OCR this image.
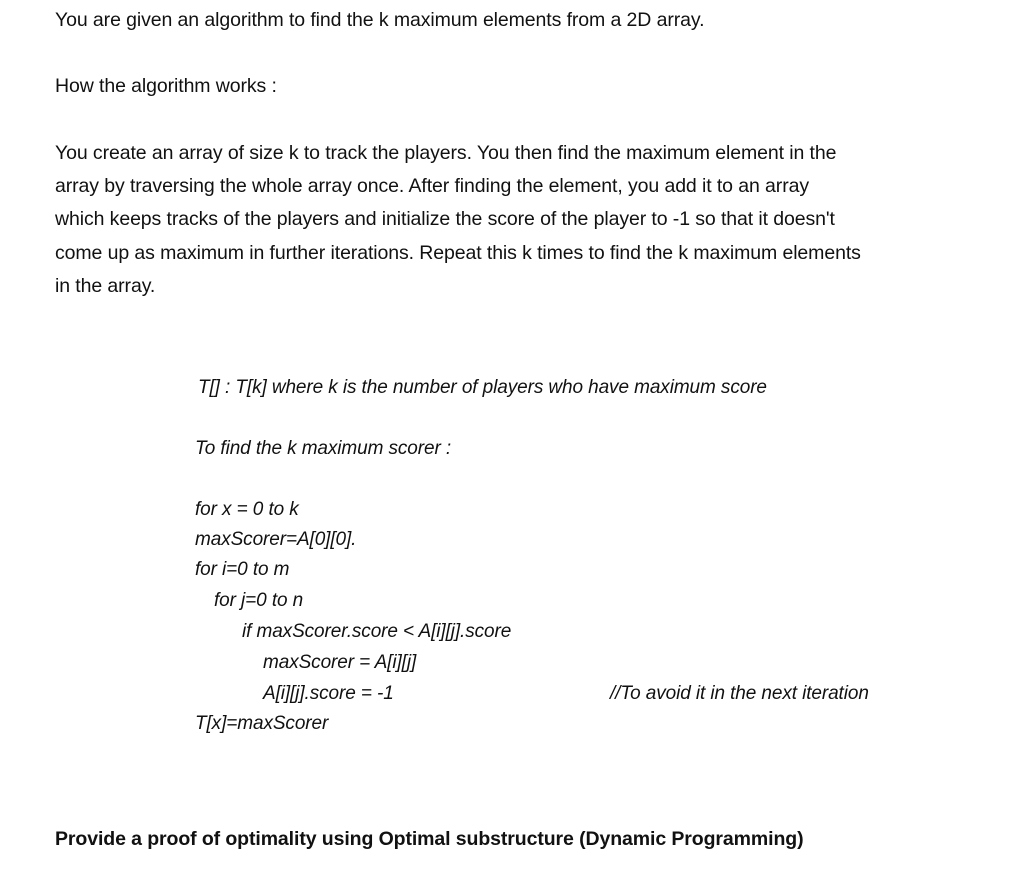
You are given an algorithm to find the k maximum elements from a 2D array.
How the algorithm works :
You create an array of size k to track the players. You then find the maximum element in the
array by traversing the whole array once. After finding the element, you add it to an array
which keeps tracks of the players and initialize the score of the player to -1 so that it doesn't
come up as maximum in further iterations. Repeat this k times to find the k maximum elements
in the array.
T[] : T[k] where k is the number of players who have maximum score
To find the k maximum scorer :
for x = 0 to k
maxScorer=A[0][0].
for i=0 to m
for j=0 to n
if maxScorer.score < A[i][j].score
maxScorer = A[i][j]
A[i][j].score = -1	//To avoid it in the next iteration
T[x]=maxScorer
Provide a proof of optimality using Optimal substructure (Dynamic Programming)
